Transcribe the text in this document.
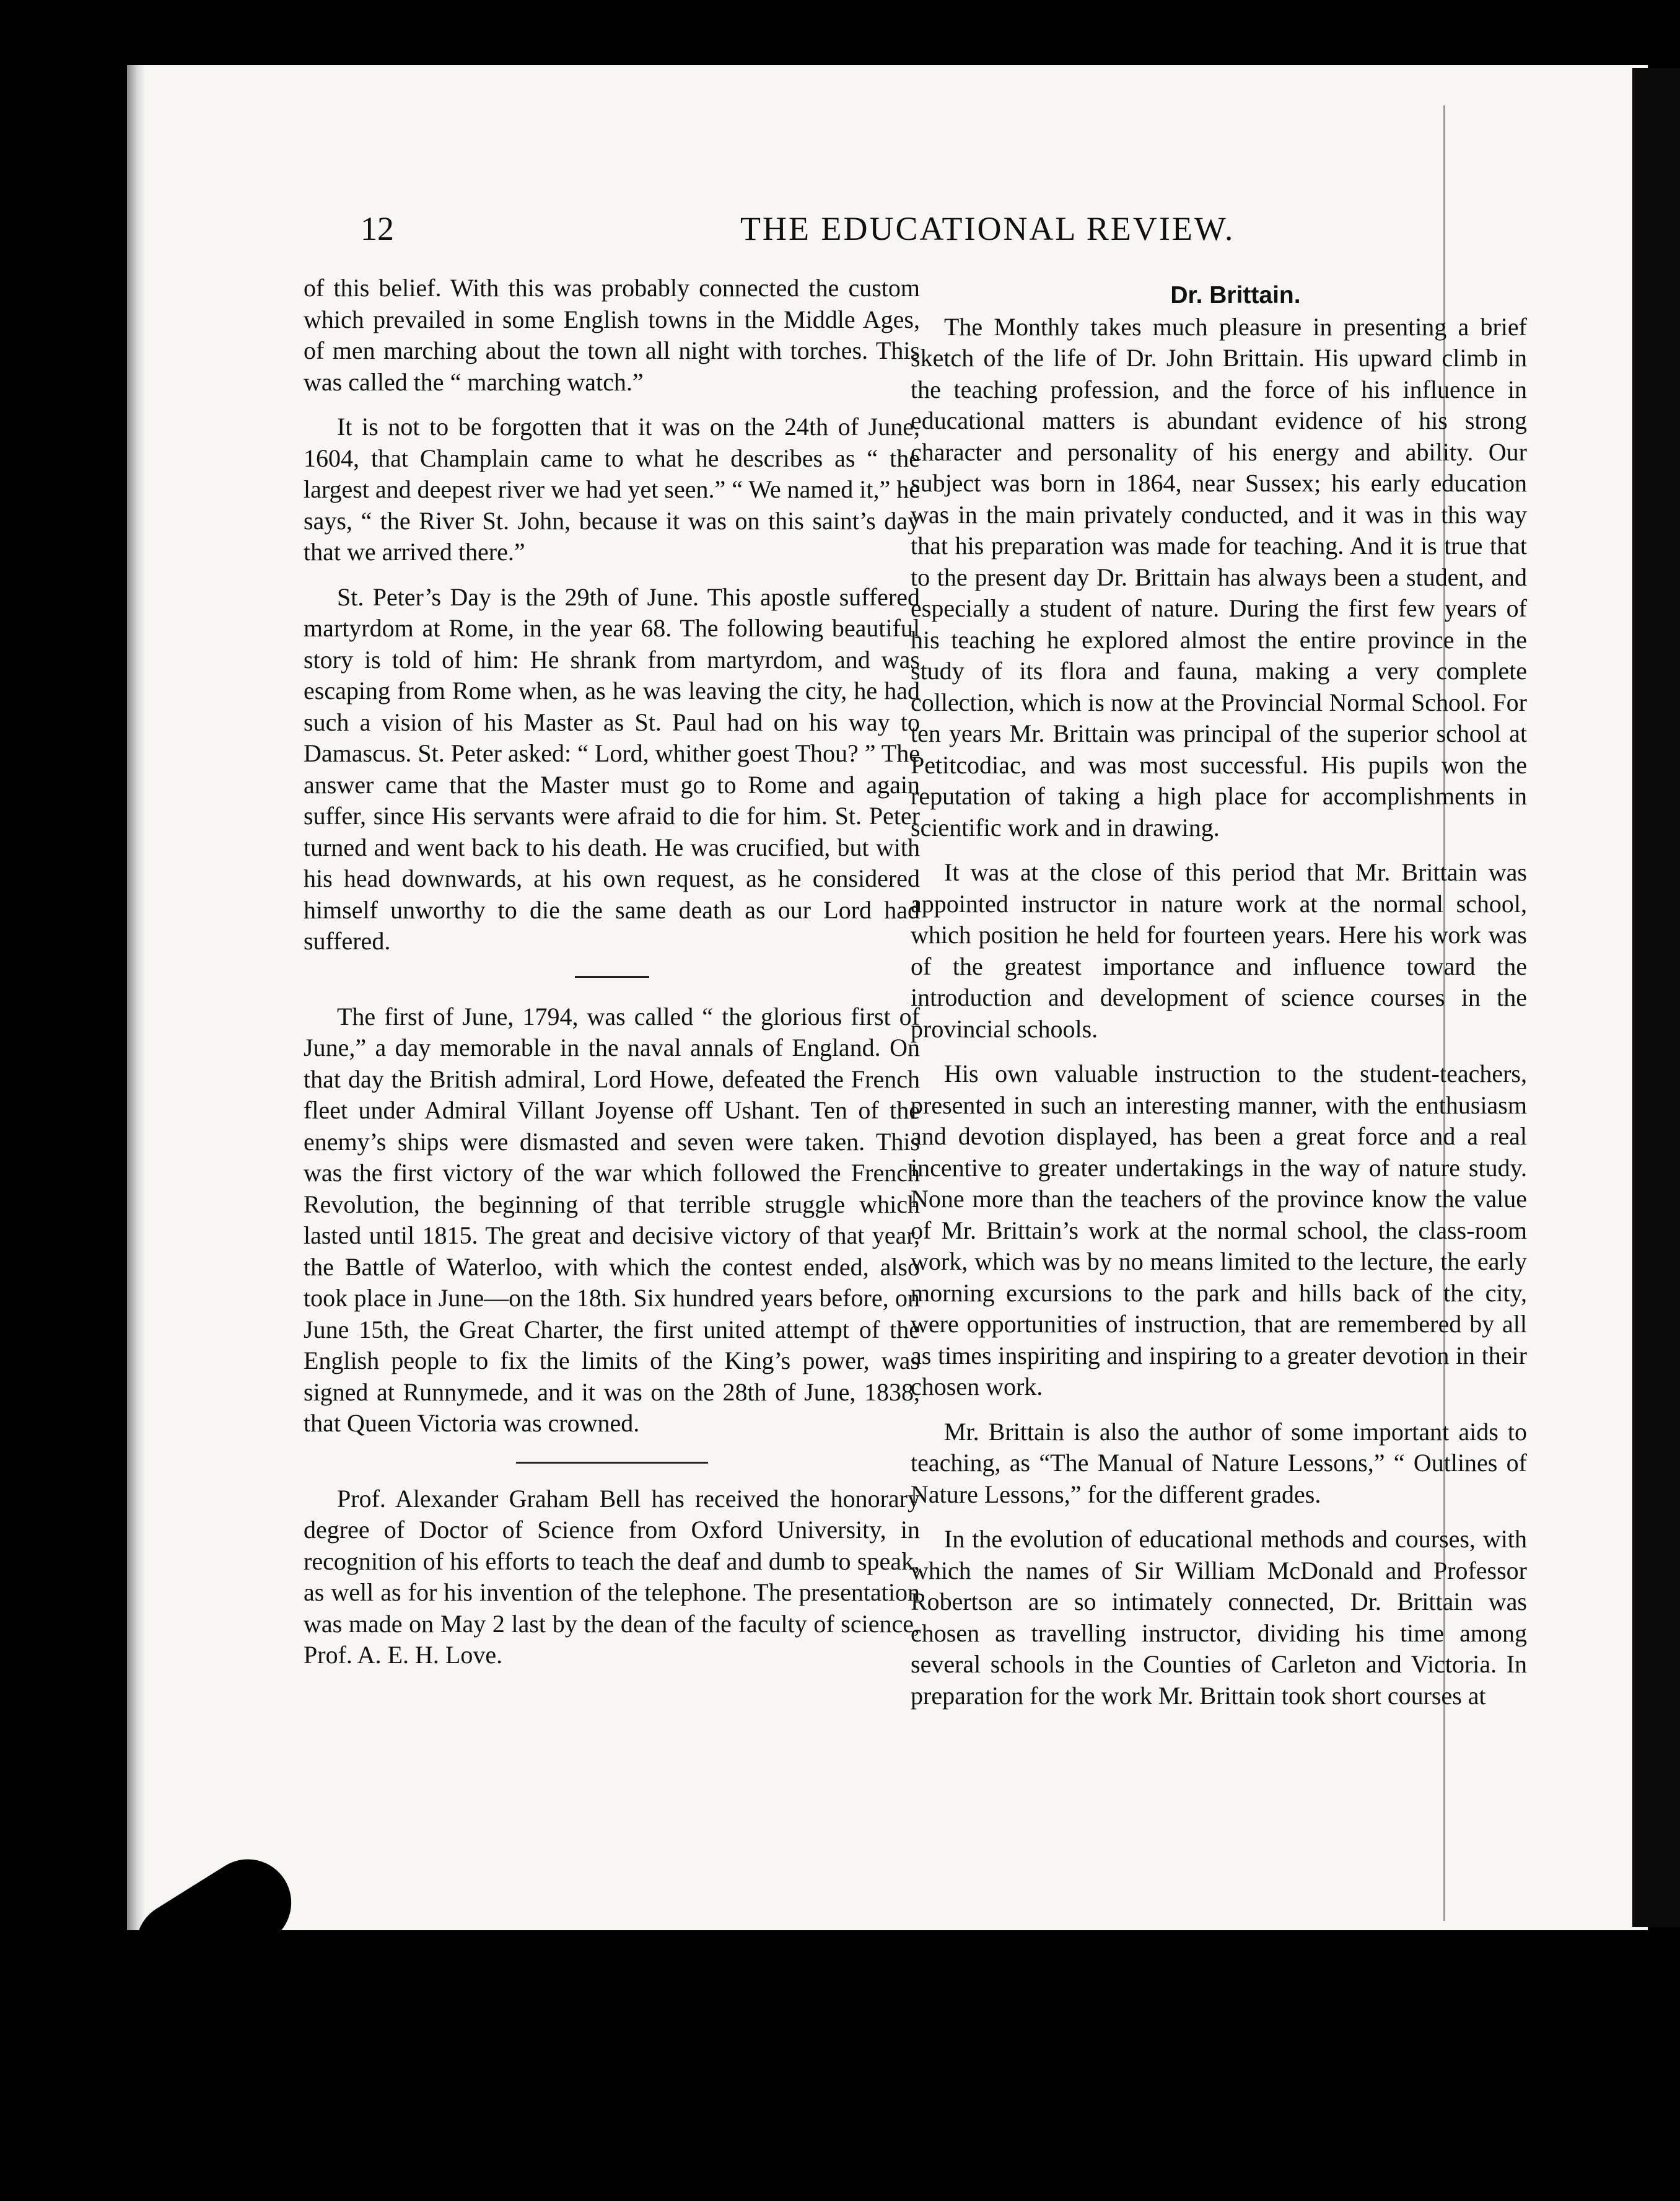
12	THE EDUCATIONAL REVIEW.

of this belief. With this was probably connected the custom which prevailed in some English towns in the Middle Ages, of men marching about the town all night with torches. This was called the “ marching watch.”

It is not to be forgotten that it was on the 24th of June, 1604, that Champlain came to what he describes as “ the largest and deepest river we had yet seen.” “ We named it,” he says, “ the River St. John, because it was on this saint’s day that we arrived there.”

St. Peter’s Day is the 29th of June. This apostle suffered martyrdom at Rome, in the year 68. The following beautiful story is told of him: He shrank from martyrdom, and was escaping from Rome when, as he was leaving the city, he had such a vision of his Master as St. Paul had on his way to Damascus. St. Peter asked: “ Lord, whither goest Thou? ” The answer came that the Master must go to Rome and again suffer, since His servants were afraid to die for him. St. Peter turned and went back to his death. He was crucified, but with his head downwards, at his own request, as he considered himself unworthy to die the same death as our Lord had suffered.

The first of June, 1794, was called “ the glorious first of June,” a day memorable in the naval annals of England. On that day the British admiral, Lord Howe, defeated the French fleet under Admiral Villant Joyense off Ushant. Ten of the enemy’s ships were dismasted and seven were taken. This was the first victory of the war which followed the French Revolution, the beginning of that terrible struggle which lasted until 1815. The great and decisive victory of that year, the Battle of Waterloo, with which the contest ended, also took place in June—on the 18th. Six hundred years before, on June 15th, the Great Charter, the first united attempt of the English people to fix the limits of the King’s power, was signed at Runnymede, and it was on the 28th of June, 1838, that Queen Victoria was crowned.

Prof. Alexander Graham Bell has received the honorary degree of Doctor of Science from Oxford University, in recognition of his efforts to teach the deaf and dumb to speak, as well as for his invention of the telephone. The presentation was made on May 2 last by the dean of the faculty of science, Prof. A. E. H. Love.

Dr. Brittain.

The Monthly takes much pleasure in presenting a brief sketch of the life of Dr. John Brittain. His upward climb in the teaching profession, and the force of his influence in educational matters is abundant evidence of his strong character and personality of his energy and ability. Our subject was born in 1864, near Sussex; his early education was in the main privately conducted, and it was in this way that his preparation was made for teaching. And it is true that to the present day Dr. Brittain has always been a student, and especially a student of nature. During the first few years of his teaching he explored almost the entire province in the study of its flora and fauna, making a very complete collection, which is now at the Provincial Normal School. For ten years Mr. Brittain was principal of the superior school at Petitcodiac, and was most successful. His pupils won the reputation of taking a high place for accomplishments in scientific work and in drawing.

It was at the close of this period that Mr. Brittain was appointed instructor in nature work at the normal school, which position he held for fourteen years. Here his work was of the greatest importance and influence toward the introduction and development of science courses in the provincial schools.

His own valuable instruction to the student-teachers, presented in such an interesting manner, with the enthusiasm and devotion displayed, has been a great force and a real incentive to greater undertakings in the way of nature study. None more than the teachers of the province know the value of Mr. Brittain’s work at the normal school, the class-room work, which was by no means limited to the lecture, the early morning excursions to the park and hills back of the city, were opportunities of instruction, that are remembered by all as times inspiriting and inspiring to a greater devotion in their chosen work.

Mr. Brittain is also the author of some important aids to teaching, as “The Manual of Nature Lessons,” “ Outlines of Nature Lessons,” for the different grades.

In the evolution of educational methods and courses, with which the names of Sir William McDonald and Professor Robertson are so intimately connected, Dr. Brittain was chosen as travelling instructor, dividing his time among several schools in the Counties of Carleton and Victoria. In preparation for the work Mr. Brittain took short courses at
